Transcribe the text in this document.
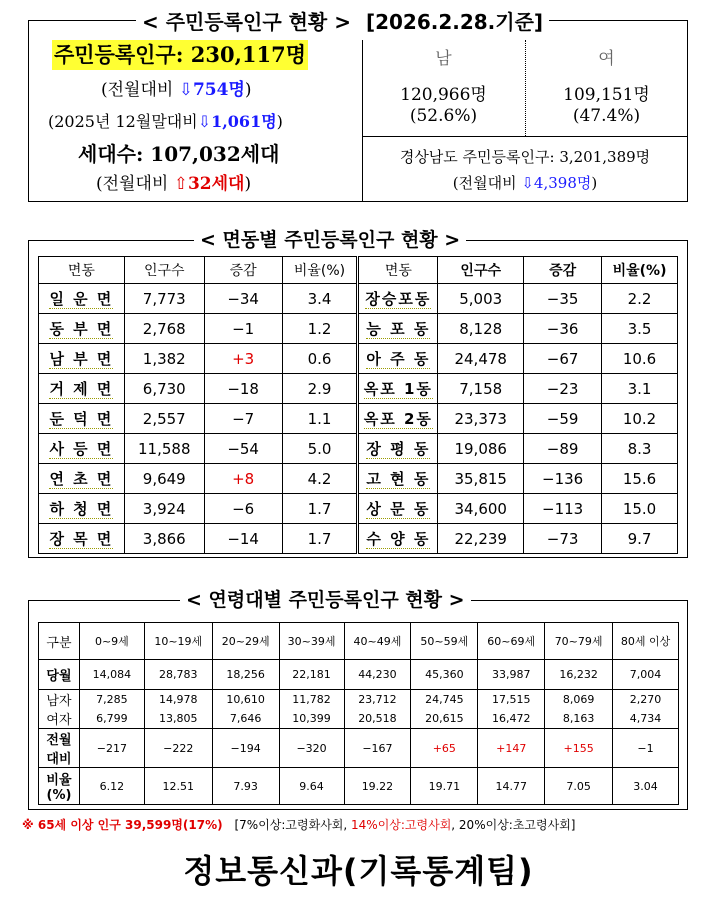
< 주민등록인구 현황 > [2026.2.28.기준]
주민등록인구: 230,117명
(전월대비 ⇩754명)
(2025년 12월말대비⇩1,061명)
세대수: 107,032세대
(전월대비 ⇧32세대)
남	여
120,966명	109,151명
(52.6%)	(47.4%)
경상남도 주민등록인구: 3,201,389명
(전월대비 ⇩4,398명)
< 면동별 주민등록인구 현황 >
면동	인구수	증감	비율(%)	면동	인구수	증감	비율(%)
일 운 면	7,773	−34	3.4	장승포동	5,003	−35	2.2
동 부 면	2,768	−1	1.2	능 포 동	8,128	−36	3.5
남 부 면	1,382	+3	0.6	아 주 동	24,478	−67	10.6
거 제 면	6,730	−18	2.9	옥포 1동	7,158	−23	3.1
둔 덕 면	2,557	−7	1.1	옥포 2동	23,373	−59	10.2
사 등 면	11,588	−54	5.0	장 평 동	19,086	−89	8.3
연 초 면	9,649	+8	4.2	고 현 동	35,815	−136	15.6
하 청 면	3,924	−6	1.7	상 문 동	34,600	−113	15.0
장 목 면	3,866	−14	1.7	수 양 동	22,239	−73	9.7
< 연령대별 주민등록인구 현황 >
구분	0~9세	10~19세	20~29세	30~39세	40~49세	50~59세	60~69세	70~79세	80세 이상
당월	14,084	28,783	18,256	22,181	44,230	45,360	33,987	16,232	7,004
남자	7,285	14,978	10,610	11,782	23,712	24,745	17,515	8,069	2,270
여자	6,799	13,805	7,646	10,399	20,518	20,615	16,472	8,163	4,734
전월 대비	−217	−222	−194	−320	−167	+65	+147	+155	−1
비율 (%)	6.12	12.51	7.93	9.64	19.22	19.71	14.77	7.05	3.04
※ 65세 이상 인구 39,599명(17%) [7%이상:고령화사회, 14%이상:고령사회, 20%이상:초고령사회]
정보통신과(기록통계팀)
